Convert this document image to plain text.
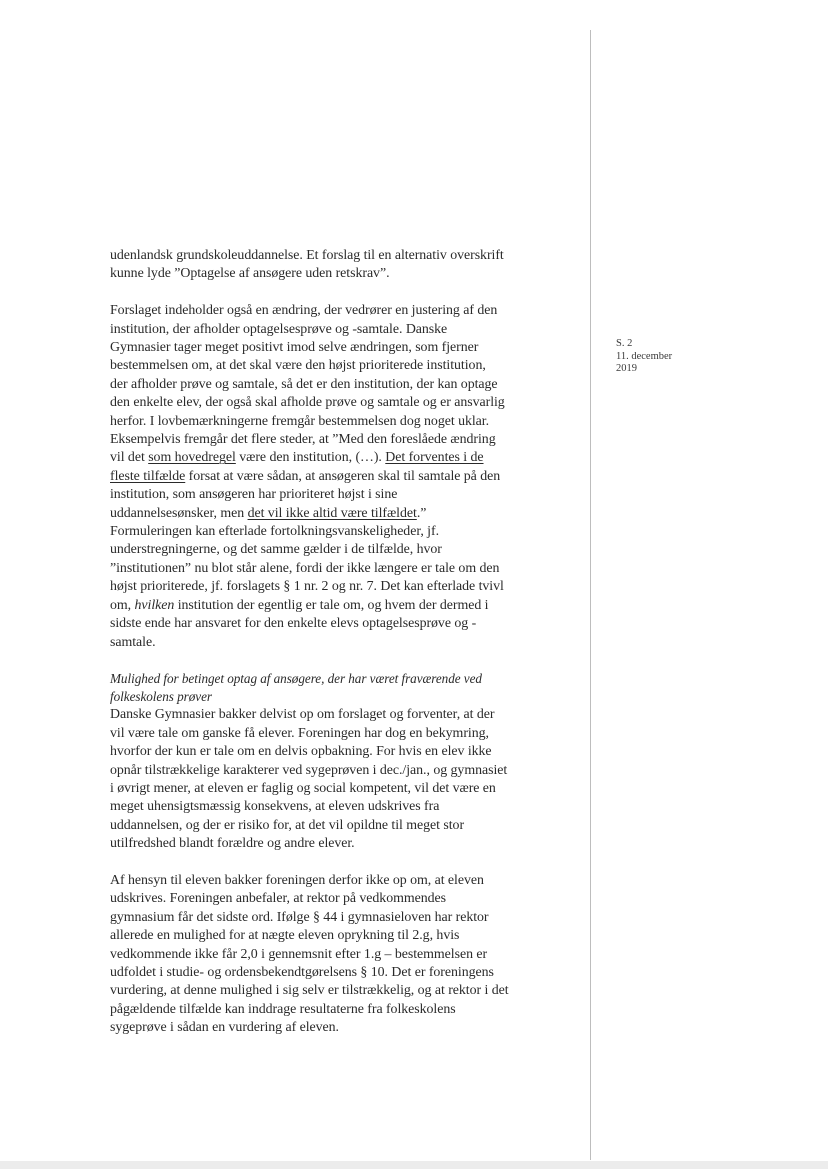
S. 2
11. december
2019
udenlandsk grundskoleuddannelse. Et forslag til en alternativ overskrift
kunne lyde ”Optagelse af ansøgere uden retskrav”.
Forslaget indeholder også en ændring, der vedrører en justering af den
institution, der afholder optagelsesprøve og -samtale. Danske
Gymnasier tager meget positivt imod selve ændringen, som fjerner
bestemmelsen om, at det skal være den højst prioriterede institution,
der afholder prøve og samtale, så det er den institution, der kan optage
den enkelte elev, der også skal afholde prøve og samtale og er ansvarlig
herfor. I lovbemærkningerne fremgår bestemmelsen dog noget uklar.
Eksempelvis fremgår det flere steder, at ”Med den foreslåede ændring
vil det som hovedregel være den institution, (…). Det forventes i de
fleste tilfælde forsat at være sådan, at ansøgeren skal til samtale på den
institution, som ansøgeren har prioriteret højst i sine
uddannelsesønsker, men det vil ikke altid være tilfældet.”
Formuleringen kan efterlade fortolkningsvanskeligheder, jf.
understregningerne, og det samme gælder i de tilfælde, hvor
”institutionen” nu blot står alene, fordi der ikke længere er tale om den
højst prioriterede, jf. forslagets § 1 nr. 2 og nr. 7. Det kan efterlade tvivl
om, hvilken institution der egentlig er tale om, og hvem der dermed i
sidste ende har ansvaret for den enkelte elevs optagelsesprøve og -
samtale.
Mulighed for betinget optag af ansøgere, der har været fraværende ved
folkeskolens prøver
Danske Gymnasier bakker delvist op om forslaget og forventer, at der
vil være tale om ganske få elever. Foreningen har dog en bekymring,
hvorfor der kun er tale om en delvis opbakning. For hvis en elev ikke
opnår tilstrækkelige karakterer ved sygeprøven i dec./jan., og gymnasiet
i øvrigt mener, at eleven er faglig og social kompetent, vil det være en
meget uhensigtsmæssig konsekvens, at eleven udskrives fra
uddannelsen, og der er risiko for, at det vil opildne til meget stor
utilfredshed blandt forældre og andre elever.
Af hensyn til eleven bakker foreningen derfor ikke op om, at eleven
udskrives. Foreningen anbefaler, at rektor på vedkommendes
gymnasium får det sidste ord. Ifølge § 44 i gymnasieloven har rektor
allerede en mulighed for at nægte eleven oprykning til 2.g, hvis
vedkommende ikke får 2,0 i gennemsnit efter 1.g – bestemmelsen er
udfoldet i studie- og ordensbekendtgørelsens § 10. Det er foreningens
vurdering, at denne mulighed i sig selv er tilstrækkelig, og at rektor i det
pågældende tilfælde kan inddrage resultaterne fra folkeskolens
sygeprøve i sådan en vurdering af eleven.
